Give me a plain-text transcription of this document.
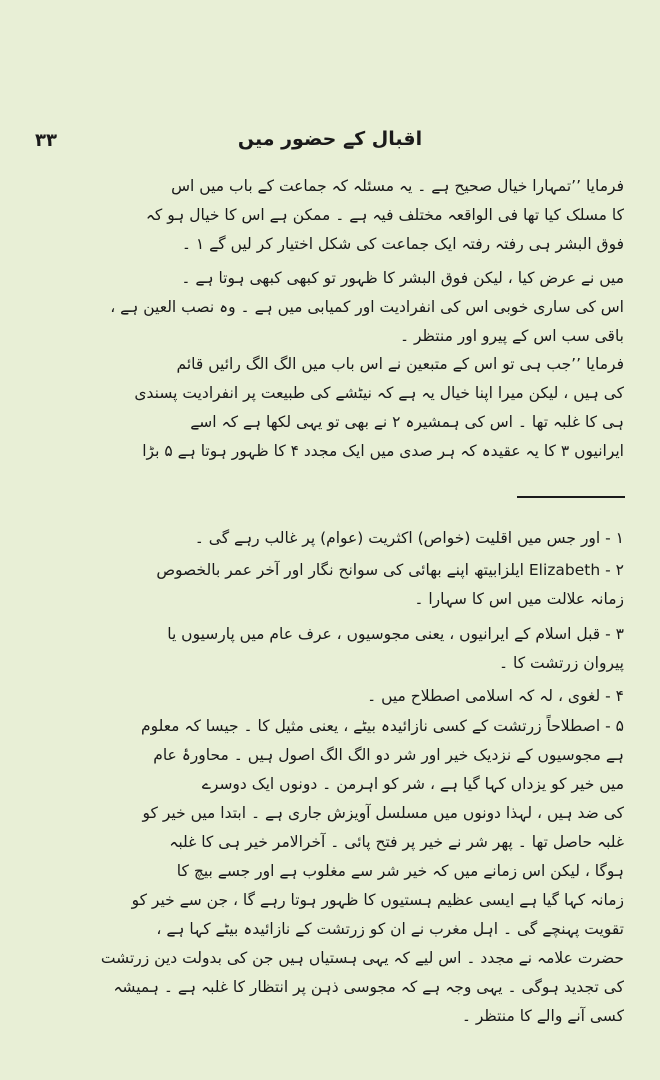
اقبال کے حضور میں
۳۳
فرمایا ’’تمہارا خیال صحیح ہے ۔ یہ مسئلہ کہ جماعت کے باب میں اس
کا مسلک کیا تھا فی الواقعہ مختلف فیہ ہے ۔ ممکن ہے اس کا خیال ہو کہ
فوق البشر ہی رفتہ رفتہ ایک جماعت کی شکل اختیار کر لیں گے ۱ ۔
میں نے عرض کیا ، لیکن فوق البشر کا ظہور تو کبھی کبھی ہوتا ہے ۔
اس کی ساری خوبی اس کی انفرادیت اور کمیابی میں ہے ۔ وہ نصب العین ہے ،
باقی سب اس کے پیرو اور منتظر ۔
فرمایا ’’جب ہی تو اس کے متبعین نے اس باب میں الگ الگ رائیں قائم
کی ہیں ، لیکن میرا اپنا خیال یہ ہے کہ نیٹشے کی طبیعت پر انفرادیت پسندی
ہی کا غلبہ تھا ۔ اس کی ہمشیرہ ۲ نے بھی تو یہی لکھا ہے کہ اسے
ایرانیوں ۳ کا یہ عقیدہ کہ ہر صدی میں ایک مجدد ۴ کا ظہور ہوتا ہے ۵ بڑا
۱ - اور جس میں اقلیت (خواص) اکثریت (عوام) پر غالب رہے گی ۔
۲ - Elizabeth ایلزابیتھ اپنے بھائی کی سوانح نگار اور آخر عمر بالخصوص
زمانہ علالت میں اس کا سہارا ۔
۳ - قبل اسلام کے ایرانیوں ، یعنی مجوسیوں ، عرف عام میں پارسیوں یا
پیروان زرتشت کا ۔
۴ - لغوی ، لہ کہ اسلامی اصطلاح میں ۔
۵ - اصطلاحاً زرتشت کے کسی نازائیدہ بیٹے ، یعنی مثیل کا ۔ جیسا کہ معلوم
ہے مجوسیوں کے نزدیک خیر اور شر دو الگ الگ اصول ہیں ۔ محاورۂ عام
میں خیر کو یزداں کہا گیا ہے ، شر کو اہرمن ۔ دونوں ایک دوسرے
کی ضد ہیں ، لہذا دونوں میں مسلسل آویزش جاری ہے ۔ ابتدا میں خیر کو
غلبہ حاصل تھا ۔ پھر شر نے خیر پر فتح پائی ۔ آخرالامر خیر ہی کا غلبہ
ہوگا ، لیکن اس زمانے میں کہ خیر شر سے مغلوب ہے اور جسے بیچ کا
زمانہ کہا گیا ہے ایسی عظیم ہستیوں کا ظہور ہوتا رہے گا ، جن سے خیر کو
تقویت پہنچے گی ۔ اہل مغرب نے ان کو زرتشت کے نازائیدہ بیٹے کہا ہے ،
حضرت علامہ نے مجدد ۔ اس لیے کہ یہی ہستیاں ہیں جن کی بدولت دین زرتشت
کی تجدید ہوگی ۔ یہی وجہ ہے کہ مجوسی ذہن پر انتظار کا غلبہ ہے ۔ ہمیشہ
کسی آنے والے کا منتظر ۔
